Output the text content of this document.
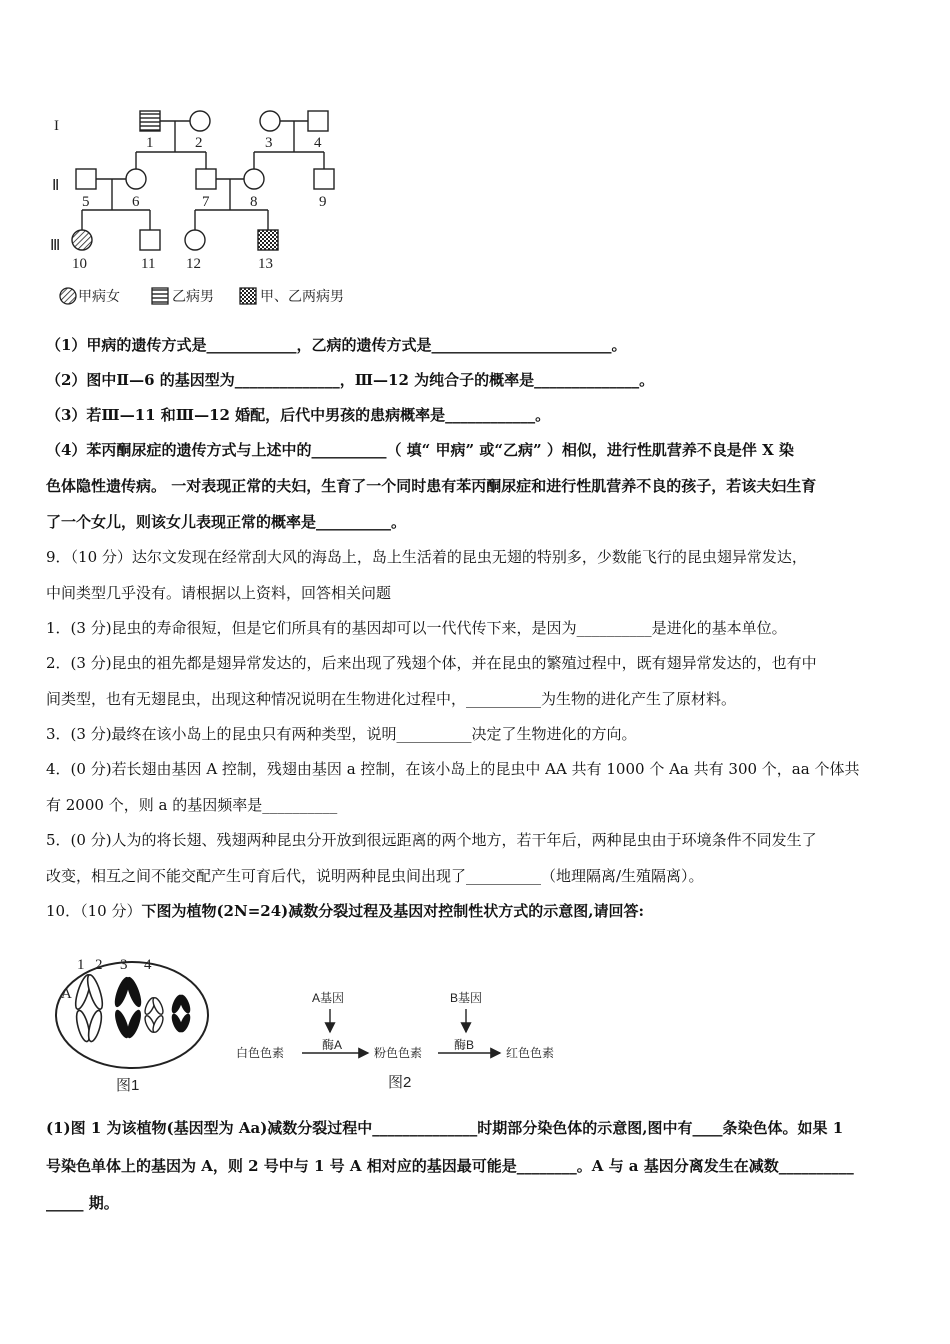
I
Ⅱ
Ⅲ
1	2	3	4
5	6	7	8	9
10	11 12	13
甲病女	乙病男	甲、乙两病男
（1）甲病的遗传方式是____________，乙病的遗传方式是________________________。
（2）图中Ⅱ—6 的基因型为______________，Ⅲ—12 为纯合子的概率是______________。
（3）若Ⅲ—11 和Ⅲ—12 婚配，后代中男孩的患病概率是____________。
（4）苯丙酮尿症的遗传方式与上述中的__________（ 填“ 甲病” 或“乙病” ）相似，进行性肌营养不良是伴 X 染
色体隐性遗传病。 一对表现正常的夫妇，生育了一个同时患有苯丙酮尿症和进行性肌营养不良的孩子，若该夫妇生育
了一个女儿，则该女儿表现正常的概率是__________。
9．（10 分）达尔文发现在经常刮大风的海岛上，岛上生活着的昆虫无翅的特别多，少数能飞行的昆虫翅异常发达，
中间类型几乎没有。请根据以上资料，回答相关问题
1．(3 分)昆虫的寿命很短，但是它们所具有的基因却可以一代代传下来，是因为__________是进化的基本单位。
2．(3 分)昆虫的祖先都是翅异常发达的，后来出现了残翅个体，并在昆虫的繁殖过程中，既有翅异常发达的，也有中
间类型，也有无翅昆虫，出现这种情况说明在生物进化过程中，__________为生物的进化产生了原材料。
3．(3 分)最终在该小岛上的昆虫只有两种类型，说明__________决定了生物进化的方向。
4．(0 分)若长翅由基因 A 控制，残翅由基因 a 控制，在该小岛上的昆虫中 AA 共有 1000 个 Aa 共有 300 个，aa 个体共
有 2000 个，则 a 的基因频率是__________
5．(0 分)人为的将长翅、残翅两种昆虫分开放到很远距离的两个地方，若干年后，两种昆虫由于环境条件不同发生了
改变，相互之间不能交配产生可育后代，说明两种昆虫间出现了__________（地理隔离/生殖隔离）。
10．（10 分）下图为植物(2N=24)减数分裂过程及基因对控制性状方式的示意图,请回答:
1 2 3 4
A
图1
A基因	B基因
酶A	酶B
白色色素	粉色色素	红色色素
图2
(1)图 1 为该植物(基因型为 Aa)减数分裂过程中______________时期部分染色体的示意图,图中有____条染色体。如果 1
号染色单体上的基因为 A，则 2 号中与 1 号 A 相对应的基因最可能是________。A 与 a 基因分离发生在减数__________
_____ 期。
